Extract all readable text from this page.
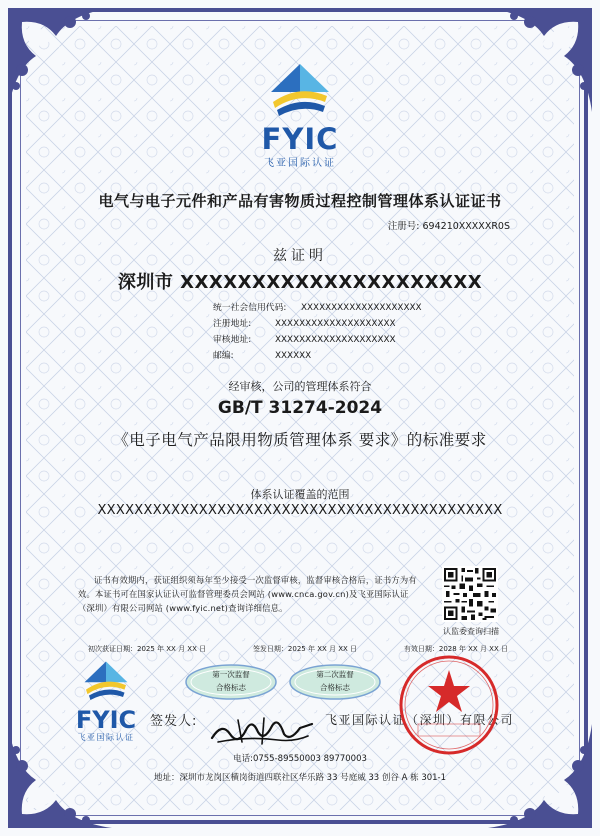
FYIC
飞亚国际认证
电气与电子元件和产品有害物质过程控制管理体系认证证书
注册号: 694210XXXXXR0S
兹证明
深圳市 XXXXXXXXXXXXXXXXXXXXX
统一社会信用代码:	XXXXXXXXXXXXXXXXXXXX
注册地址:	XXXXXXXXXXXXXXXXXXXX
审核地址:	XXXXXXXXXXXXXXXXXXXX
邮编:	XXXXXX
经审核，公司的管理体系符合
GB/T 31274-2024
《电子电气产品限用物质管理体系 要求》的标准要求
体系认证覆盖的范围
XXXXXXXXXXXXXXXXXXXXXXXXXXXXXXXXXXXXXXXXXXXX
证书有效期内，获证组织须每年至少接受一次监督审核，监督审核合格后，证书方为有效。本证书可在国家认证认可监督管理委员会网站 (www.cnca.gov.cn)及飞亚国际认证（深圳）有限公司网站 (www.fyic.net)查询详细信息。
认监委查询扫描
初次获证日期：2025 年 XX 月 XX 日	签发日期：2025 年 XX 月 XX 日	有效日期：2028 年 XX 月 XX 日
第一次监督
合格标志
第二次监督
合格标志
FYIC
飞亚国际认证
签发人:	飞亚国际认证（深圳）有限公司
电话:0755-89550003 89770003
地址：深圳市龙岗区横岗街道四联社区华乐路 33 号庭威 33 创谷 A 栋 301-1
